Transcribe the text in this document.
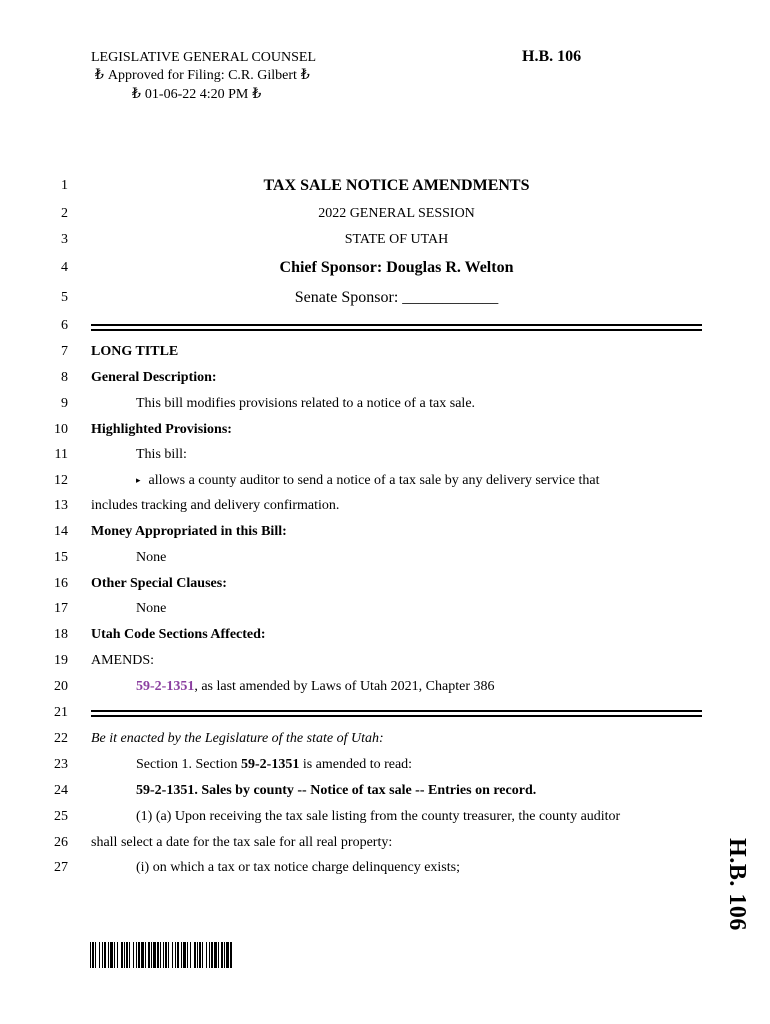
LEGISLATIVE GENERAL COUNSEL
₺ Approved for Filing: C.R. Gilbert ₺
₺ 01-06-22 4:20 PM ₺
H.B. 106
1
2
3
4
5
6
7
8
9
10
11
12
13
14
15
16
17
18
19
20
21
22
23
24
25
26
27
TAX SALE NOTICE AMENDMENTS
2022 GENERAL SESSION
STATE OF UTAH
Chief Sponsor: Douglas R. Welton
Senate Sponsor: ____________
LONG TITLE
General Description:
This bill modifies provisions related to a notice of a tax sale.
Highlighted Provisions:
This bill:
▸ allows a county auditor to send a notice of a tax sale by any delivery service that
includes tracking and delivery confirmation.
Money Appropriated in this Bill:
None
Other Special Clauses:
None
Utah Code Sections Affected:
AMENDS:
59-2-1351, as last amended by Laws of Utah 2021, Chapter 386
Be it enacted by the Legislature of the state of Utah:
Section 1. Section 59-2-1351 is amended to read:
59-2-1351. Sales by county -- Notice of tax sale -- Entries on record.
(1) (a) Upon receiving the tax sale listing from the county treasurer, the county auditor
shall select a date for the tax sale for all real property:
(i) on which a tax or tax notice charge delinquency exists;	H.B. 106
